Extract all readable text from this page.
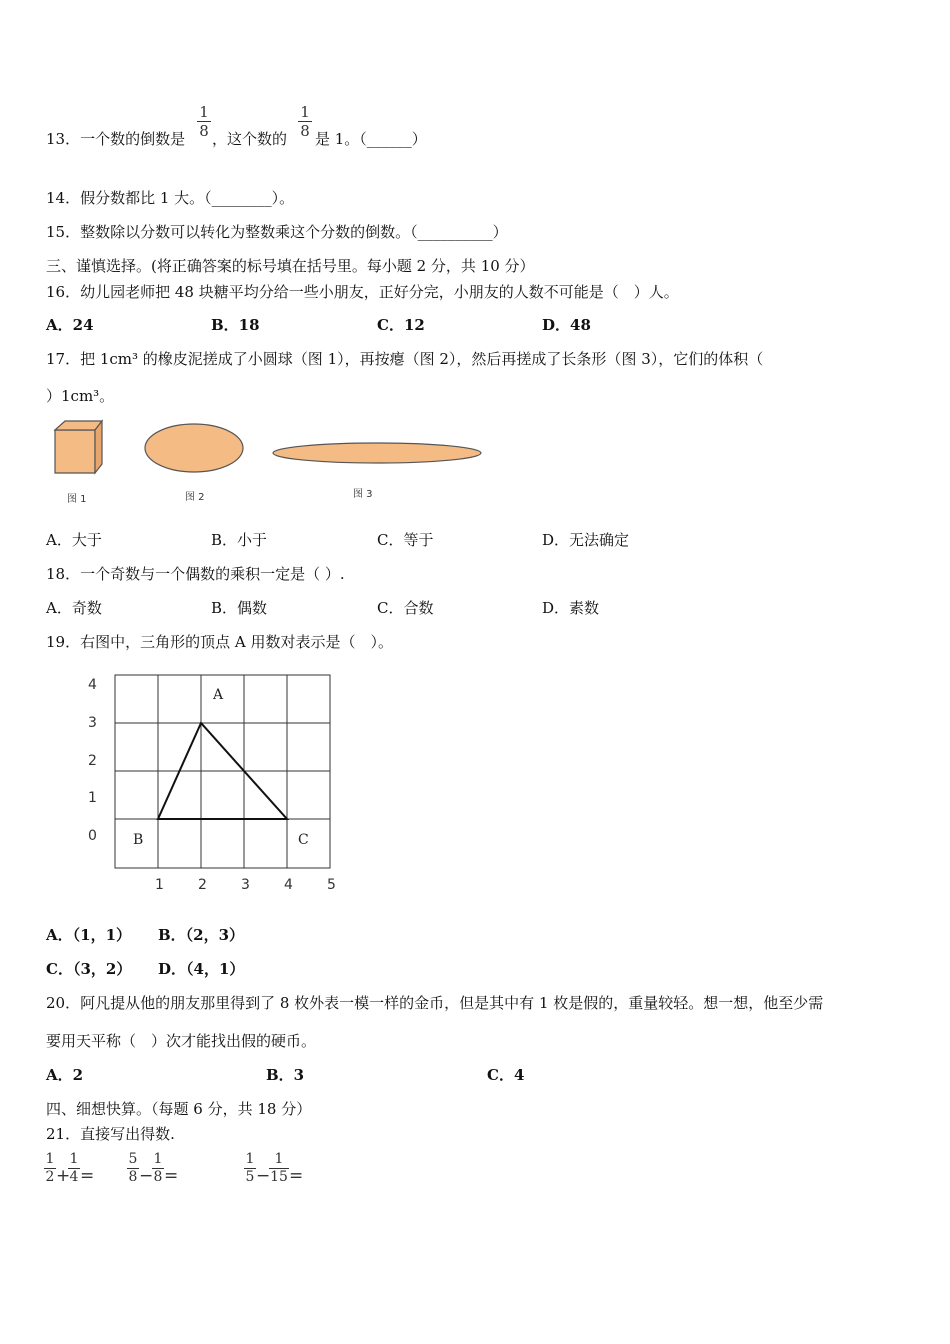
13．一个数的倒数是
1
8 ，这个数的
1
8 是 1。（______）
14．假分数都比 1 大。（________）。
15．整数除以分数可以转化为整数乘这个分数的倒数。（__________）
三、谨慎选择。(将正确答案的标号填在括号里。每小题 2 分，共 10 分）
16．幼儿园老师把 48 块糖平均分给一些小朋友，正好分完，小朋友的人数不可能是（　）人。
A．24	B．18	C．12	D．48
17．把 1cm³ 的橡皮泥搓成了小圆球（图 1），再按瘪（图 2），然后再搓成了长条形（图 3），它们的体积（
）1cm³。
图 1	图 2	图 3
A．大于	B．小于	C．等于	D．无法确定
18．一个奇数与一个偶数的乘积一定是（ ）.
A．奇数	B．偶数	C．合数	D．素数
19．右图中，三角形的顶点 A 用数对表示是（　）。
4
3
2
1
0
1 2 3 4 5
A
B	C
A．（1，1） B．（2，3）
C．（3，2） D．（4，1）
20．阿凡提从他的朋友那里得到了 8 枚外表一模一样的金币，但是其中有 1 枚是假的，重量较轻。想一想，他至少需
要用天平称（　）次才能找出假的硬币。
A．2	B．3	C．4
四、细想快算。（每题 6 分，共 18 分）
21．直接写出得数.
1
2 +
1
4 =
5
8 −
1
8 =
1
5 −
1
15 =
